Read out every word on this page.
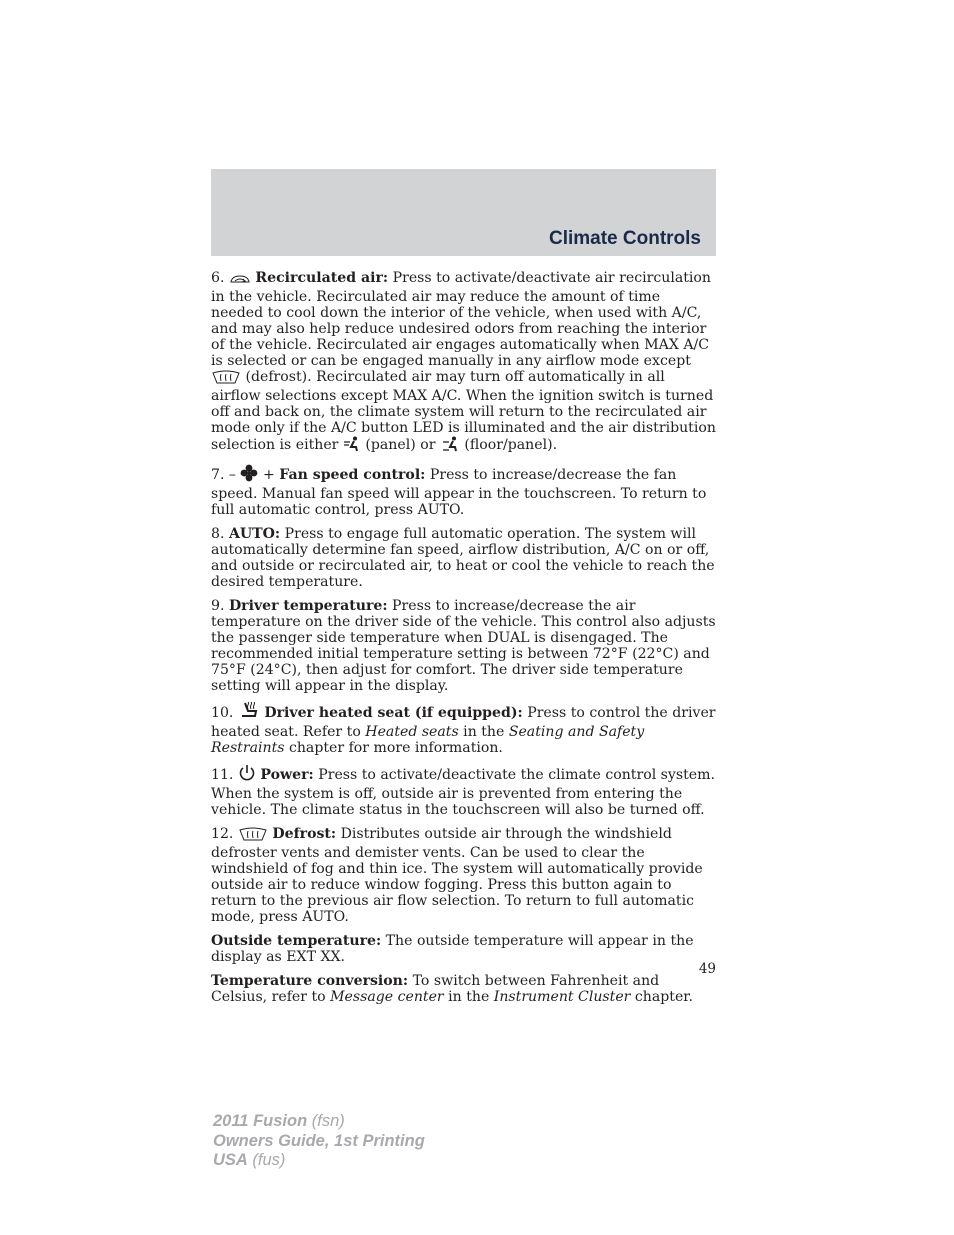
Climate Controls

6. Recirculated air: Press to activate/deactivate air recirculation in the vehicle. Recirculated air may reduce the amount of time needed to cool down the interior of the vehicle, when used with A/C, and may also help reduce undesired odors from reaching the interior of the vehicle. Recirculated air engages automatically when MAX A/C is selected or can be engaged manually in any airflow mode except  (defrost). Recirculated air may turn off automatically in all airflow selections except MAX A/C. When the ignition switch is turned off and back on, the climate system will return to the recirculated air mode only if the A/C button LED is illuminated and the air distribution selection is either  (panel) or  (floor/panel).

7. –  + Fan speed control: Press to increase/decrease the fan speed. Manual fan speed will appear in the touchscreen. To return to full automatic control, press AUTO.

8. AUTO: Press to engage full automatic operation. The system will automatically determine fan speed, airflow distribution, A/C on or off, and outside or recirculated air, to heat or cool the vehicle to reach the desired temperature.

9. Driver temperature: Press to increase/decrease the air temperature on the driver side of the vehicle. This control also adjusts the passenger side temperature when DUAL is disengaged. The recommended initial temperature setting is between 72°F (22°C) and 75°F (24°C), then adjust for comfort. The driver side temperature setting will appear in the display.

10. Driver heated seat (if equipped): Press to control the driver heated seat. Refer to Heated seats in the Seating and Safety Restraints chapter for more information.

11. Power: Press to activate/deactivate the climate control system. When the system is off, outside air is prevented from entering the vehicle. The climate status in the touchscreen will also be turned off.

12.	Defrost: Distributes outside air through the windshield defroster vents and demister vents. Can be used to clear the windshield of fog and thin ice. The system will automatically provide outside air to reduce window fogging. Press this button again to return to the previous air flow selection. To return to full automatic mode, press AUTO.

Outside temperature: The outside temperature will appear in the display as EXT XX.

Temperature conversion: To switch between Fahrenheit and Celsius, refer to Message center in the Instrument Cluster chapter.

49
2011 Fusion (fsn)
Owners Guide, 1st Printing
USA (fus)
